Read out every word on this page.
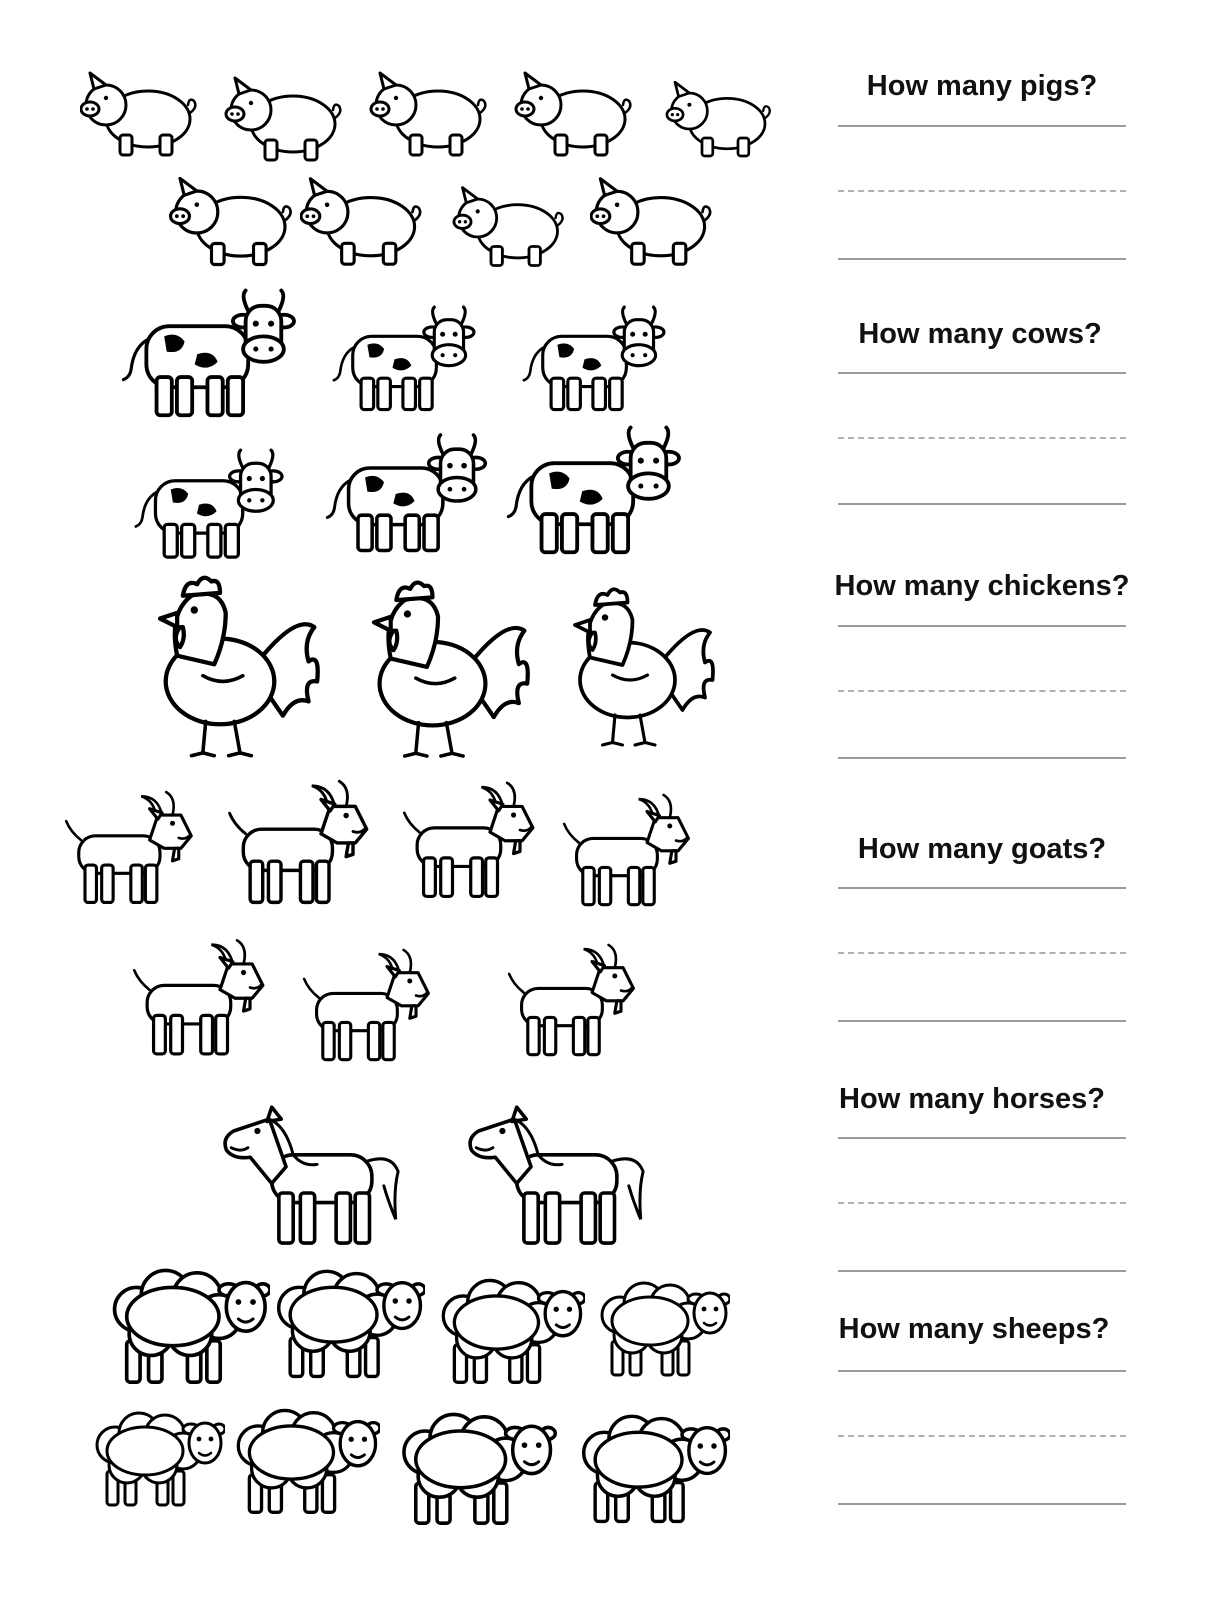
How many pigs?
How many cows?
How many chickens?
How many goats?
How many horses?
How many sheeps?
